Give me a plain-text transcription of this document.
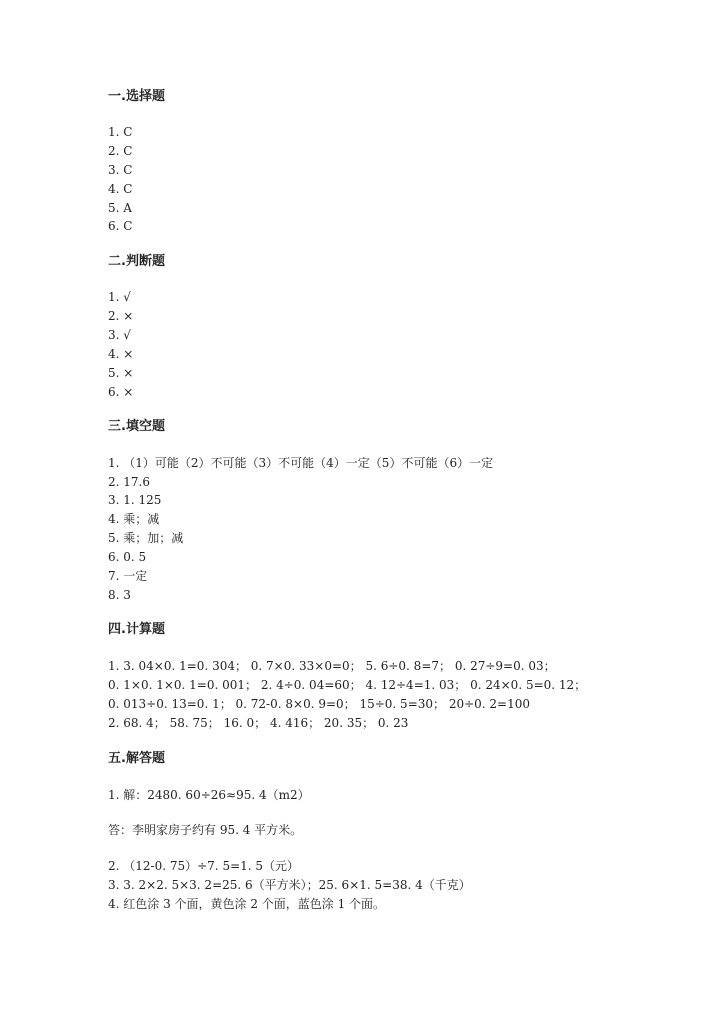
一.选择题
1. C
2. C
3. C
4. C
5. A
6. C
二.判断题
1. √
2. ×
3. √
4. ×
5. ×
6. ×
三.填空题
1. （1）可能（2）不可能（3）不可能（4）一定（5）不可能（6）一定
2. 17.6
3. 1. 125
4. 乘；减
5. 乘；加；减
6. 0. 5
7. 一定
8. 3
四.计算题
1. 3. 04×0. 1=0. 304； 0. 7×0. 33×0=0； 5. 6÷0. 8=7； 0. 27÷9=0. 03；
0. 1×0. 1×0. 1=0. 001； 2. 4÷0. 04=60； 4. 12÷4=1. 03； 0. 24×0. 5=0. 12；
0. 013÷0. 13=0. 1； 0. 72-0. 8×0. 9=0； 15÷0. 5=30； 20÷0. 2=100
2. 68. 4； 58. 75； 16. 0； 4. 416； 20. 35； 0. 23
五.解答题
1. 解：2480. 60÷26≈95. 4（m2）
答：李明家房子约有 95. 4 平方米。
2. （12-0. 75）÷7. 5=1. 5（元）
3. 3. 2×2. 5×3. 2=25. 6（平方米）；25. 6×1. 5=38. 4（千克）
4. 红色涂 3 个面，黄色涂 2 个面，蓝色涂 1 个面。
